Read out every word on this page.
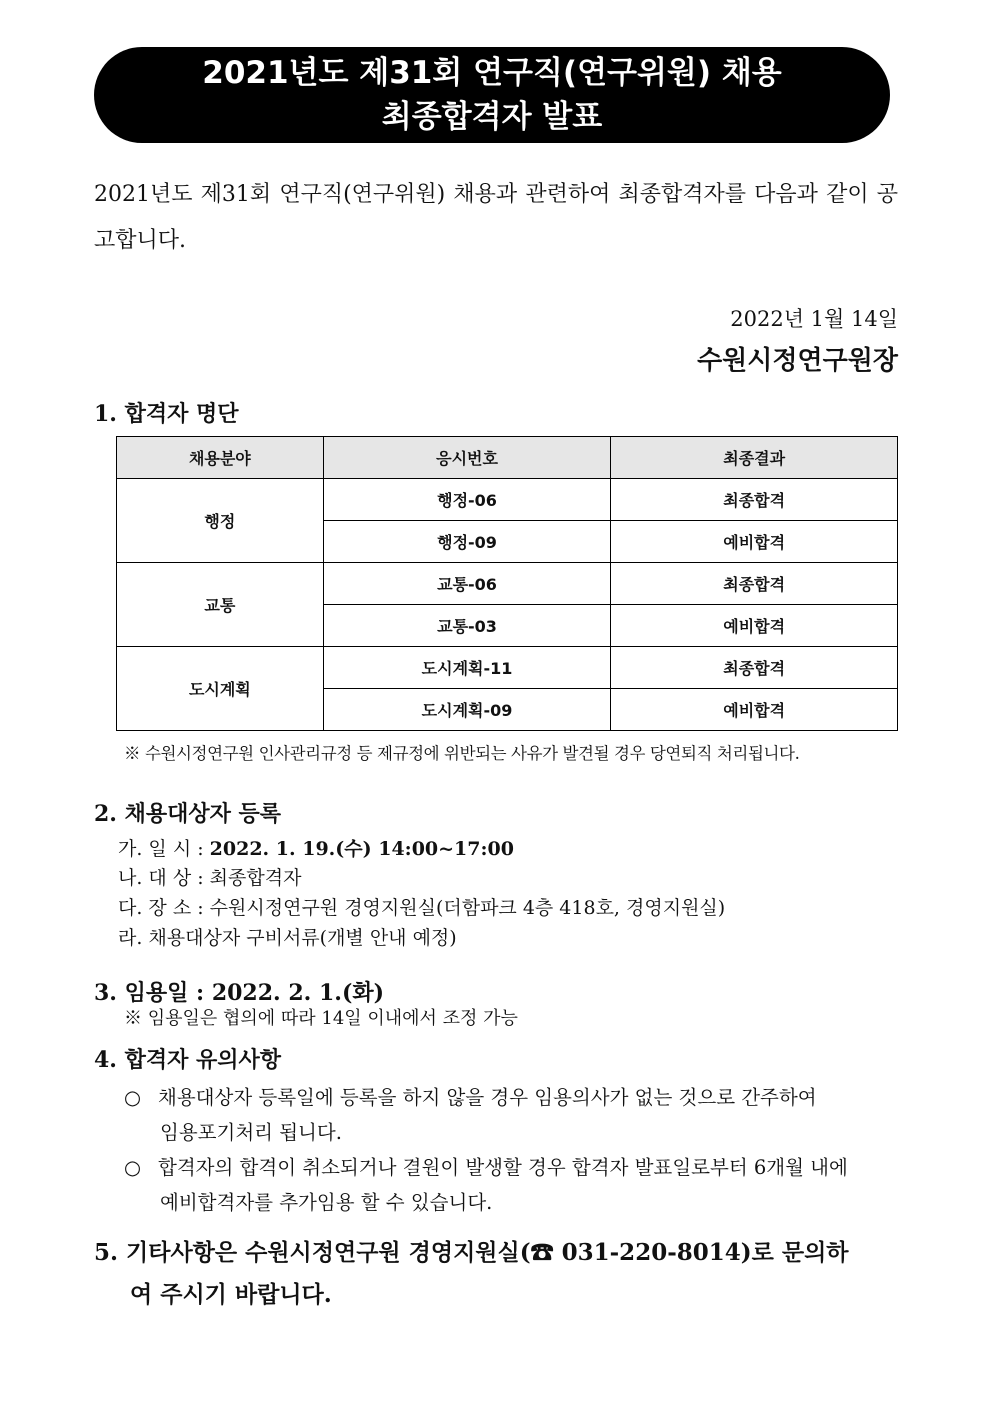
2021년도 제31회 연구직(연구위원) 채용
최종합격자 발표
2021년도 제31회 연구직(연구위원) 채용과 관련하여 최종합격자를 다음과 같이 공고합니다.
2022년 1월 14일
수원시정연구원장
1. 합격자 명단
채용분야	응시번호	최종결과
행정	행정-06	최종합격
	행정-09	예비합격
교통	교통-06	최종합격
	교통-03	예비합격
도시계획	도시계획-11	최종합격
	도시계획-09	예비합격
※ 수원시정연구원 인사관리규정 등 제규정에 위반되는 사유가 발견될 경우 당연퇴직 처리됩니다.
2. 채용대상자 등록
가. 일 시 : 2022. 1. 19.(수) 14:00~17:00
나. 대 상 : 최종합격자
다. 장 소 : 수원시정연구원 경영지원실(더함파크 4층 418호, 경영지원실)
라. 채용대상자 구비서류(개별 안내 예정)
3. 임용일 : 2022. 2. 1.(화)
※ 임용일은 협의에 따라 14일 이내에서 조정 가능
4. 합격자 유의사항
○ 채용대상자 등록일에 등록을 하지 않을 경우 임용의사가 없는 것으로 간주하여
임용포기처리 됩니다.
○ 합격자의 합격이 취소되거나 결원이 발생할 경우 합격자 발표일로부터 6개월 내에
예비합격자를 추가임용 할 수 있습니다.
5. 기타사항은 수원시정연구원 경영지원실(☎ 031-220-8014)로 문의하
여 주시기 바랍니다.
